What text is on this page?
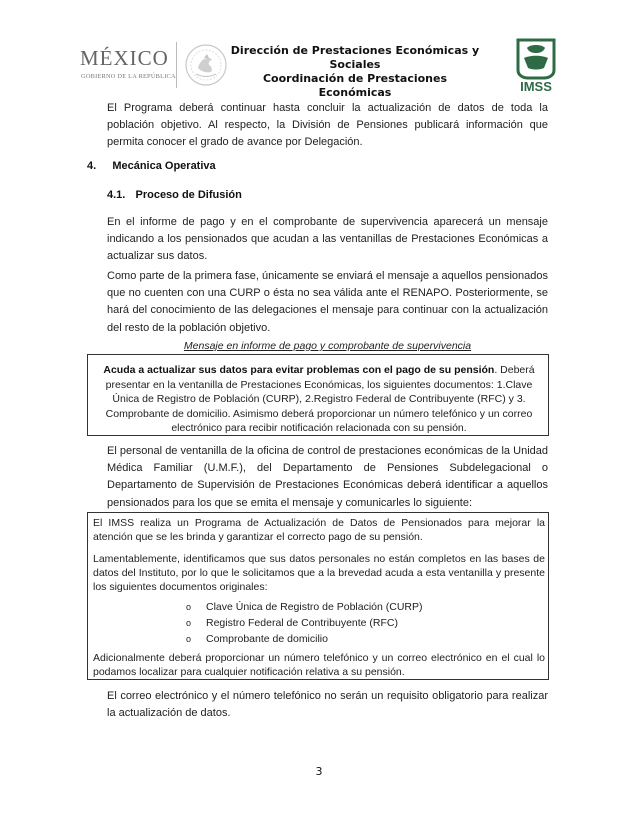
MÉXICO
GOBIERNO DE LA REPÚBLICA
Dirección de Prestaciones Económicas y Sociales
Coordinación de Prestaciones Económicas	IMSS

El Programa deberá continuar hasta concluir la actualización de datos de toda la población objetivo. Al respecto, la División de Pensiones publicará información que permita conocer el grado de avance por Delegación.

4. Mecánica Operativa
4.1. Proceso de Difusión

En el informe de pago y en el comprobante de supervivencia aparecerá un mensaje indicando a los pensionados que acudan a las ventanillas de Prestaciones Económicas a actualizar sus datos.

Como parte de la primera fase, únicamente se enviará el mensaje a aquellos pensionados que no cuenten con una CURP o ésta no sea válida ante el RENAPO. Posteriormente, se hará del conocimiento de las delegaciones el mensaje para continuar con la actualización del resto de la población objetivo.

Mensaje en informe de pago y comprobante de supervivencia
Acuda a actualizar sus datos para evitar problemas con el pago de su pensión. Deberá presentar en la ventanilla de Prestaciones Económicas, los siguientes documentos: 1.Clave Única de Registro de Población (CURP), 2.Registro Federal de Contribuyente (RFC) y 3. Comprobante de domicilio. Asimismo deberá proporcionar un número telefónico y un correo electrónico para recibir notificación relacionada con su pensión.

El personal de ventanilla de la oficina de control de prestaciones económicas de la Unidad Médica Familiar (U.M.F.), del Departamento de Pensiones Subdelegacional o Departamento de Supervisión de Prestaciones Económicas deberá identificar a aquellos pensionados para los que se emita el mensaje y comunicarles lo siguiente:

El IMSS realiza un Programa de Actualización de Datos de Pensionados para mejorar la atención que se les brinda y garantizar el correcto pago de su pensión.

Lamentablemente, identificamos que sus datos personales no están completos en las bases de datos del Instituto, por lo que le solicitamos que a la brevedad acuda a esta ventanilla y presente los siguientes documentos originales:

o Clave Única de Registro de Población (CURP)
o Registro Federal de Contribuyente (RFC)
o Comprobante de domicilio

Adicionalmente deberá proporcionar un número telefónico y un correo electrónico en el cual lo podamos localizar para cualquier notificación relativa a su pensión.

El correo electrónico y el número telefónico no serán un requisito obligatorio para realizar la actualización de datos.

3
